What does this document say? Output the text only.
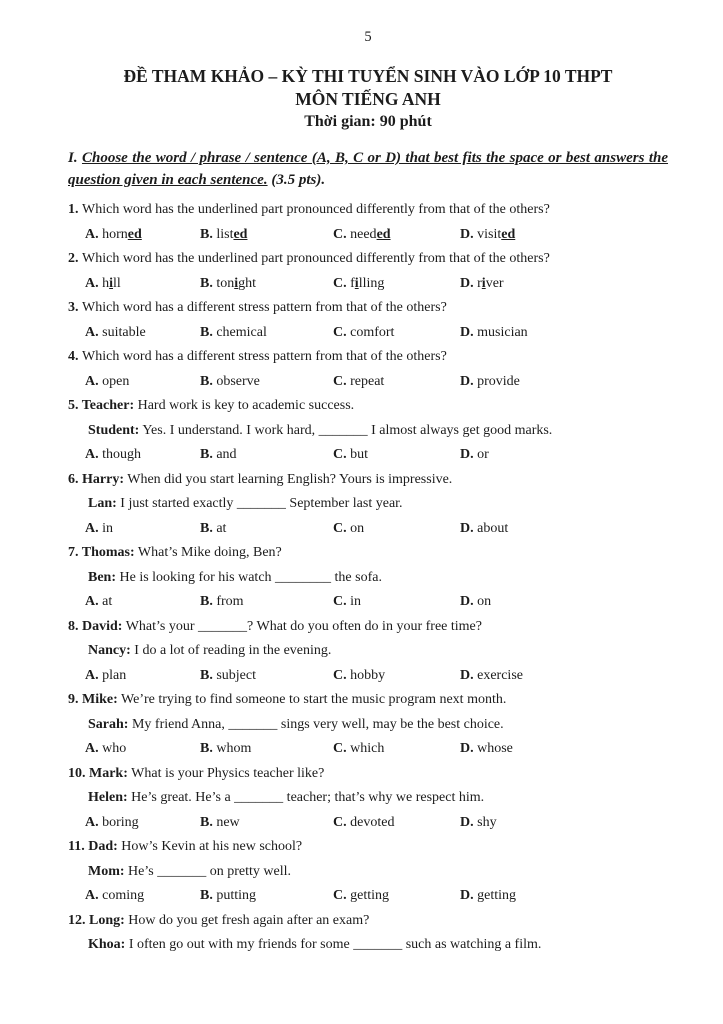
5
ĐỀ THAM KHẢO – KỲ THI TUYỂN SINH VÀO LỚP 10 THPT
MÔN TIẾNG ANH
Thời gian: 90 phút
I. Choose the word / phrase / sentence (A, B, C or D) that best fits the space or best answers the question given in each sentence. (3.5 pts).
1. Which word has the underlined part pronounced differently from that of the others?
A. horned	B. listed	C. needed	D. visited
2. Which word has the underlined part pronounced differently from that of the others?
A. hill	B. tonight	C. filling	D. river
3. Which word has a different stress pattern from that of the others?
A. suitable	B. chemical	C. comfort	D. musician
4. Which word has a different stress pattern from that of the others?
A. open	B. observe	C. repeat	D. provide
5. Teacher: Hard work is key to academic success.
Student: Yes. I understand. I work hard, _______ I almost always get good marks.
A. though	B. and	C. but	D. or
6. Harry: When did you start learning English? Yours is impressive.
Lan: I just started exactly _______ September last year.
A. in	B. at	C. on	D. about
7. Thomas: What’s Mike doing, Ben?
Ben: He is looking for his watch ________ the sofa.
A. at	B. from	C. in	D. on
8. David: What’s your _______? What do you often do in your free time?
Nancy: I do a lot of reading in the evening.
A. plan	B. subject	C. hobby	D. exercise
9. Mike: We’re trying to find someone to start the music program next month.
Sarah: My friend Anna, _______ sings very well, may be the best choice.
A. who	B. whom	C. which	D. whose
10. Mark: What is your Physics teacher like?
Helen: He’s great. He’s a _______ teacher; that’s why we respect him.
A. boring	B. new	C. devoted	D. shy
11. Dad: How’s Kevin at his new school?
Mom: He’s _______ on pretty well.
A. coming	B. putting	C. getting	D. getting
12. Long: How do you get fresh again after an exam?
Khoa: I often go out with my friends for some _______ such as watching a film.
